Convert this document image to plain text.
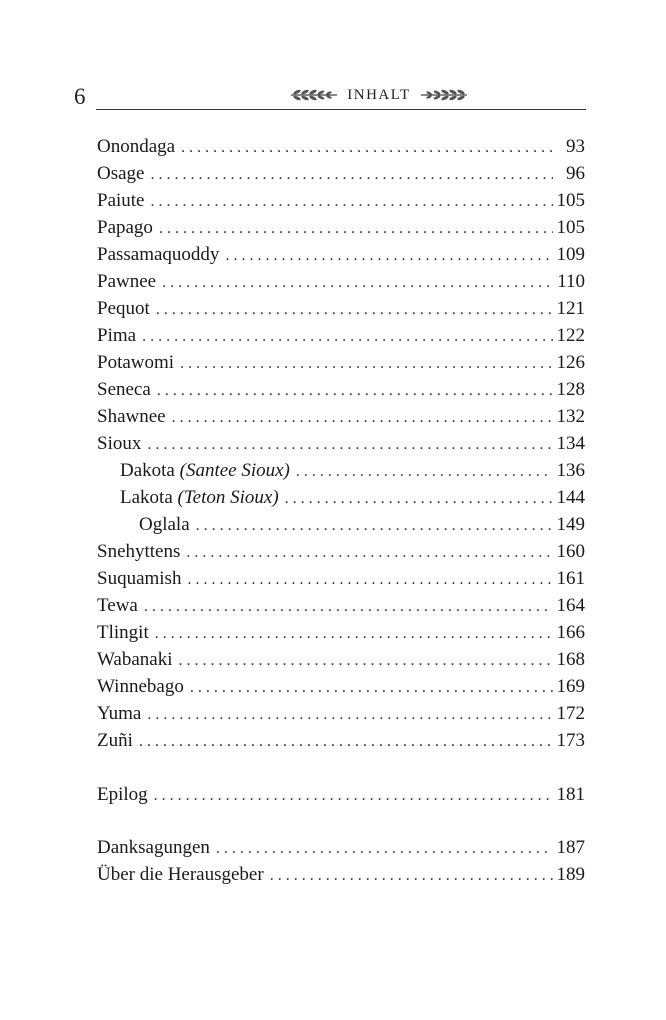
6	INHALT
Onondaga . . .	93
Osage . . .	96
Paiute . . .	105
Papago . . .	105
Passamaquoddy . . .	109
Pawnee . . .	110
Pequot . . .	121
Pima . . .	122
Potawomi . . .	126
Seneca . . .	128
Shawnee . . .	132
Sioux . . .	134
Dakota (Santee Sioux) . . .	136
Lakota (Teton Sioux) . . .	144
Oglala . . .	149
Snehyttens . . .	160
Suquamish . . .	161
Tewa . . .	164
Tlingit . . .	166
Wabanaki . . .	168
Winnebago . . .	169
Yuma . . .	172
Zuñi . . .	173
Epilog . . .	181
Danksagungen . . .	187
Über die Herausgeber . . .	189
